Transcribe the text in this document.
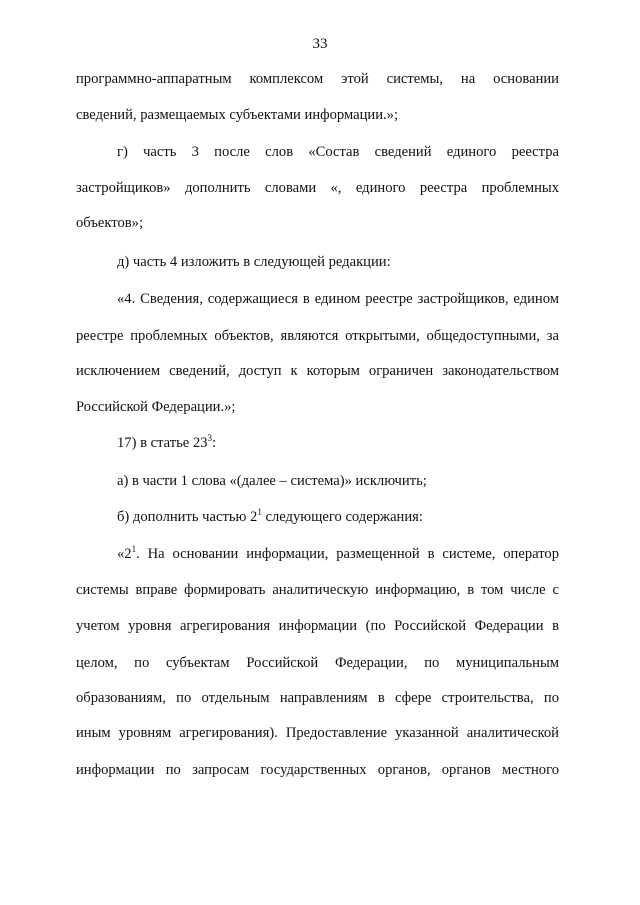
33
программно-аппаратным комплексом этой системы, на основании
сведений, размещаемых субъектами информации.»;
г) часть 3 после слов «Состав сведений единого реестра
застройщиков» дополнить словами «, единого реестра проблемных
объектов»;
д) часть 4 изложить в следующей редакции:
«4. Сведения, содержащиеся в едином реестре застройщиков, едином
реестре проблемных объектов, являются открытыми, общедоступными, за
исключением сведений, доступ к которым ограничен законодательством
Российской Федерации.»;
17) в статье $23^3$:
а) в части 1 слова «(далее – система)» исключить;
б) дополнить частью $2^1$ следующего содержания:
«$2^1$. На основании информации, размещенной в системе, оператор
системы вправе формировать аналитическую информацию, в том числе с
учетом уровня агрегирования информации (по Российской Федерации в
целом, по субъектам Российской Федерации, по муниципальным
образованиям, по отдельным направлениям в сфере строительства, по
иным уровням агрегирования). Предоставление указанной аналитической
информации по запросам государственных органов, органов местного
